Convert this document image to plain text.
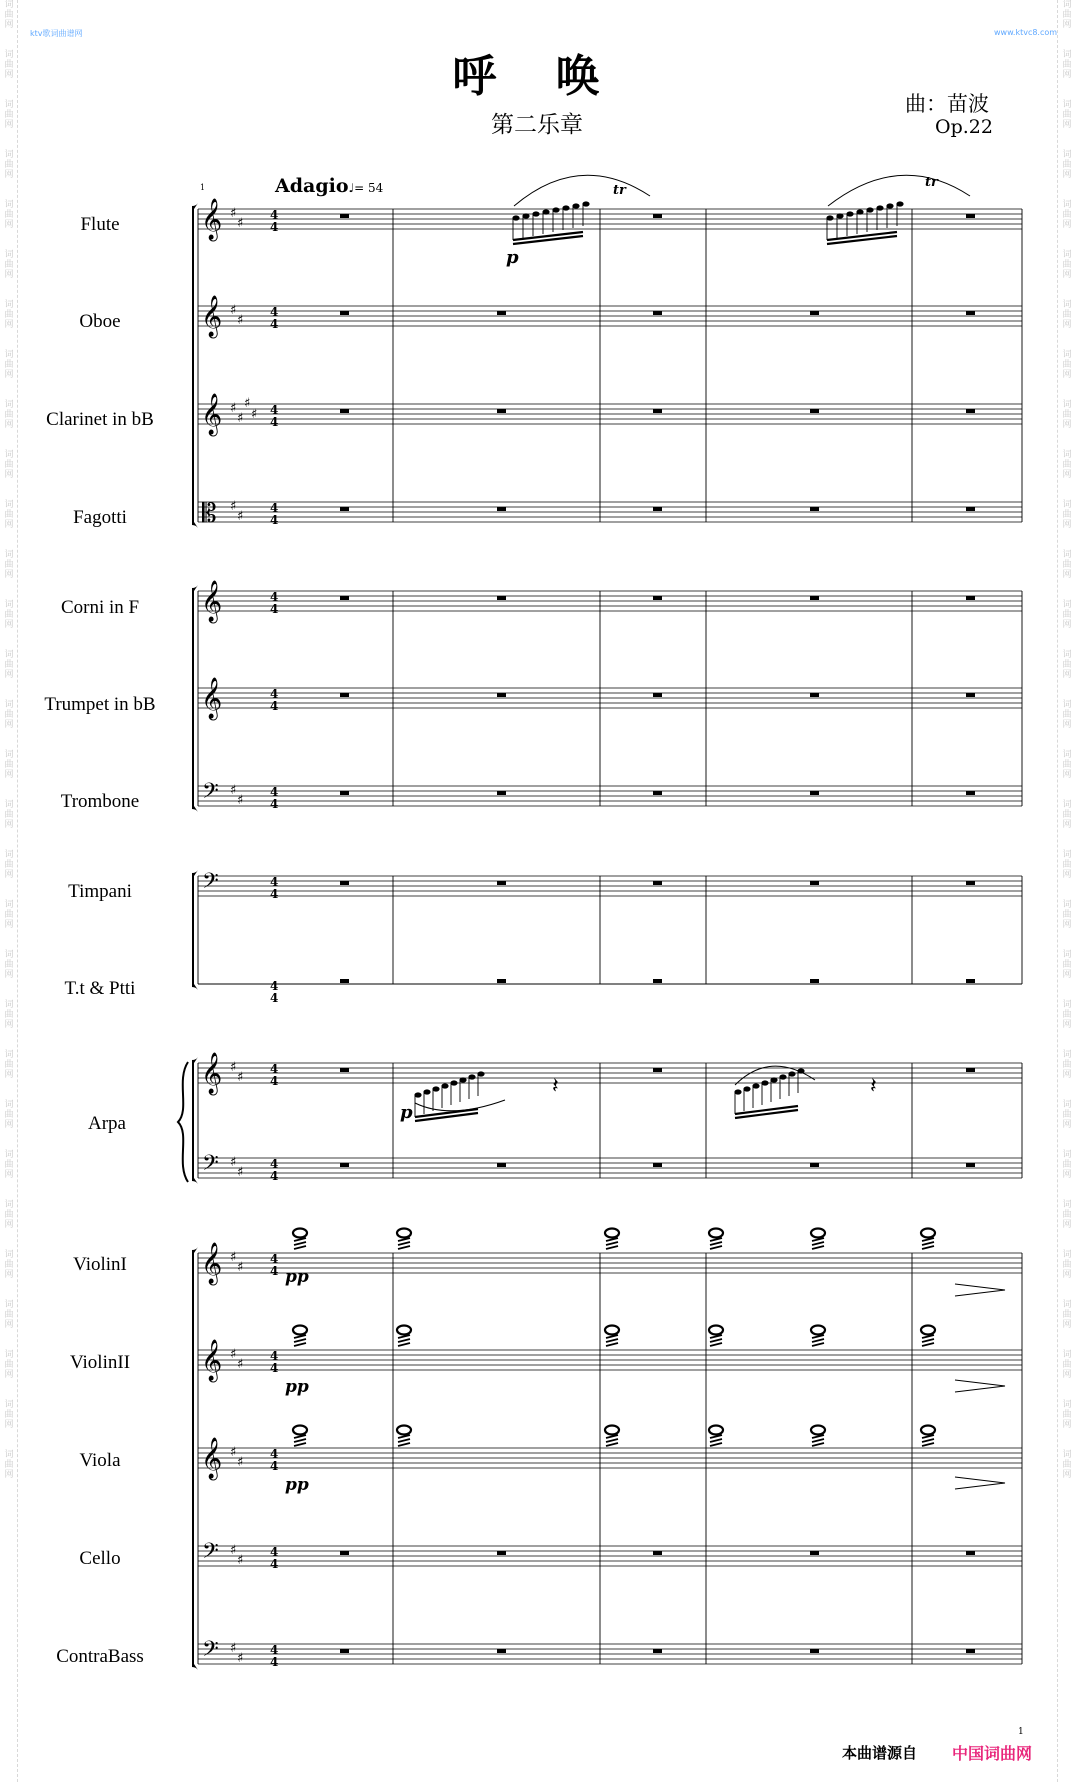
词
曲
网

词
曲
网

词
曲
网

词
曲
网

词
曲
网

词
曲
网

词
曲
网

词
曲
网

词
曲
网

词
曲
网

词
曲
网

词
曲
网

词
曲
网

词
曲
网

词
曲
网

词
曲
网

词
曲
网

词
曲
网

词
曲
网

词
曲
网

词
曲
网

词
曲
网

词
曲
网

词
曲
网

词
曲
网

词
曲
网

词
曲
网

词
曲
网

词
曲
网

词
曲
网

词
曲
网

词
曲
网

词
曲
网

词
曲
网

词
曲
网

词
曲
网

词
曲
网

词
曲
网

词
曲
网

词
曲
网

词
曲
网

词
曲
网

词
曲
网

词
曲
网

词
曲
网

词
曲
网

词
曲
网

词
曲
网

词
曲
网

词
曲
网

词
曲
网

词
曲
网

词
曲
网

词
曲
网

词
曲
网

词
曲
网

词
曲
网

词
曲
网

词
曲
网

词
曲
网

ktv歌词曲谱网	www.ktvc8.com
呼 唤
第二乐章
曲：苗波
Op.22
1	Adagio♩= 54
Flute
Oboe
Clarinet in bB
Fagotti
Corni in F
Trumpet in bB
Trombone
Timpani
T.t & Ptti
Arpa
ViolinI
ViolinII
Viola
Cello
ContraBass
𝄞 ♯
♯
4
4
𝄞 ♯
♯
4
4
𝄞 ♯
♯
♯
♯ 4
4
𝄡 ♯
♯
4
4
𝄞	4
4
𝄞	4
4
𝄢 ♯
♯
4
4
𝄢	4
4
4
4
𝄞 ♯
♯
4
4
𝄢 ♯
♯
4
4
𝄞 ♯
♯
4
4
𝄞 ♯
♯
4
4
𝄞 ♯
♯
4
4
𝄢 ♯
♯
4
4
𝄢 ♯
♯
4
4
tr
tr
p
p
pp
pp
pp
𝄽	𝄽
本曲谱源自 中国词曲网
1
